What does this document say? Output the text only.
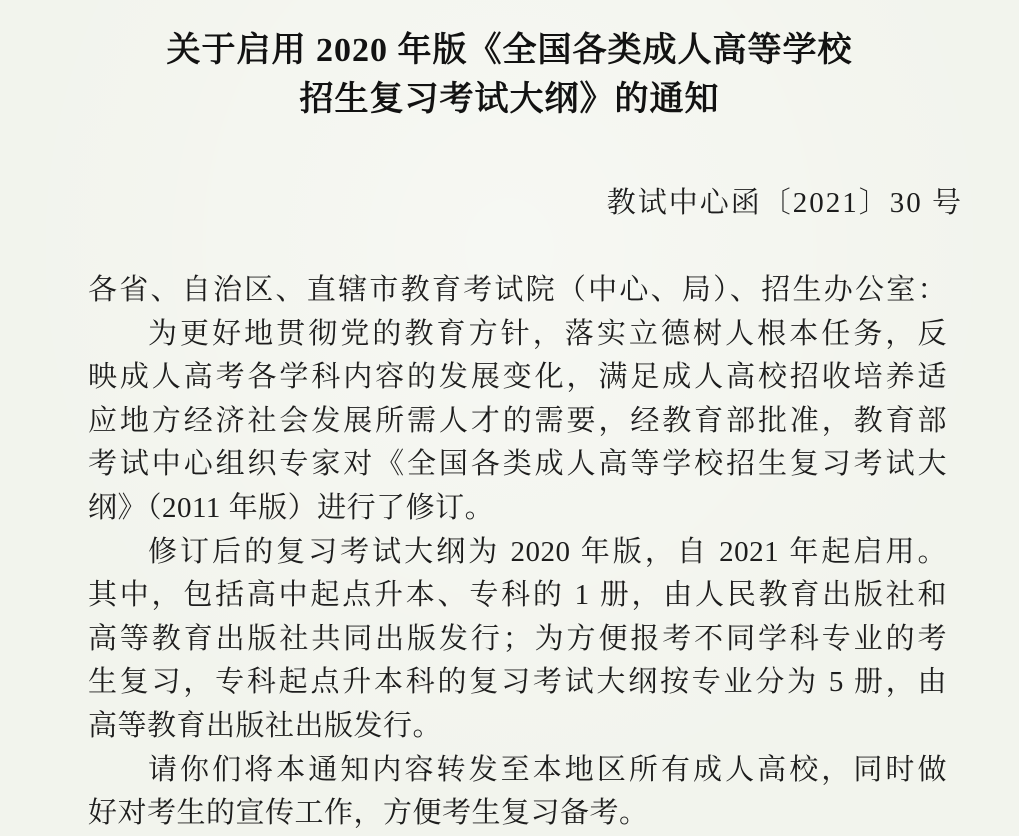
关于启用 2020 年版《全国各类成人高等学校
招生复习考试大纲》的通知
教试中心函〔2021〕30 号
各省、自治区、直辖市教育考试院（中心、局）、招生办公室：
为更好地贯彻党的教育方针，落实立德树人根本任务，反
映成人高考各学科内容的发展变化，满足成人高校招收培养适
应地方经济社会发展所需人才的需要，经教育部批准，教育部
考试中心组织专家对《全国各类成人高等学校招生复习考试大
纲》（2011 年版）进行了修订。
修订后的复习考试大纲为 2020 年版，自 2021 年起启用。
其中，包括高中起点升本、专科的 1 册，由人民教育出版社和
高等教育出版社共同出版发行；为方便报考不同学科专业的考
生复习，专科起点升本科的复习考试大纲按专业分为 5 册，由
高等教育出版社出版发行。
请你们将本通知内容转发至本地区所有成人高校，同时做
好对考生的宣传工作，方便考生复习备考。
